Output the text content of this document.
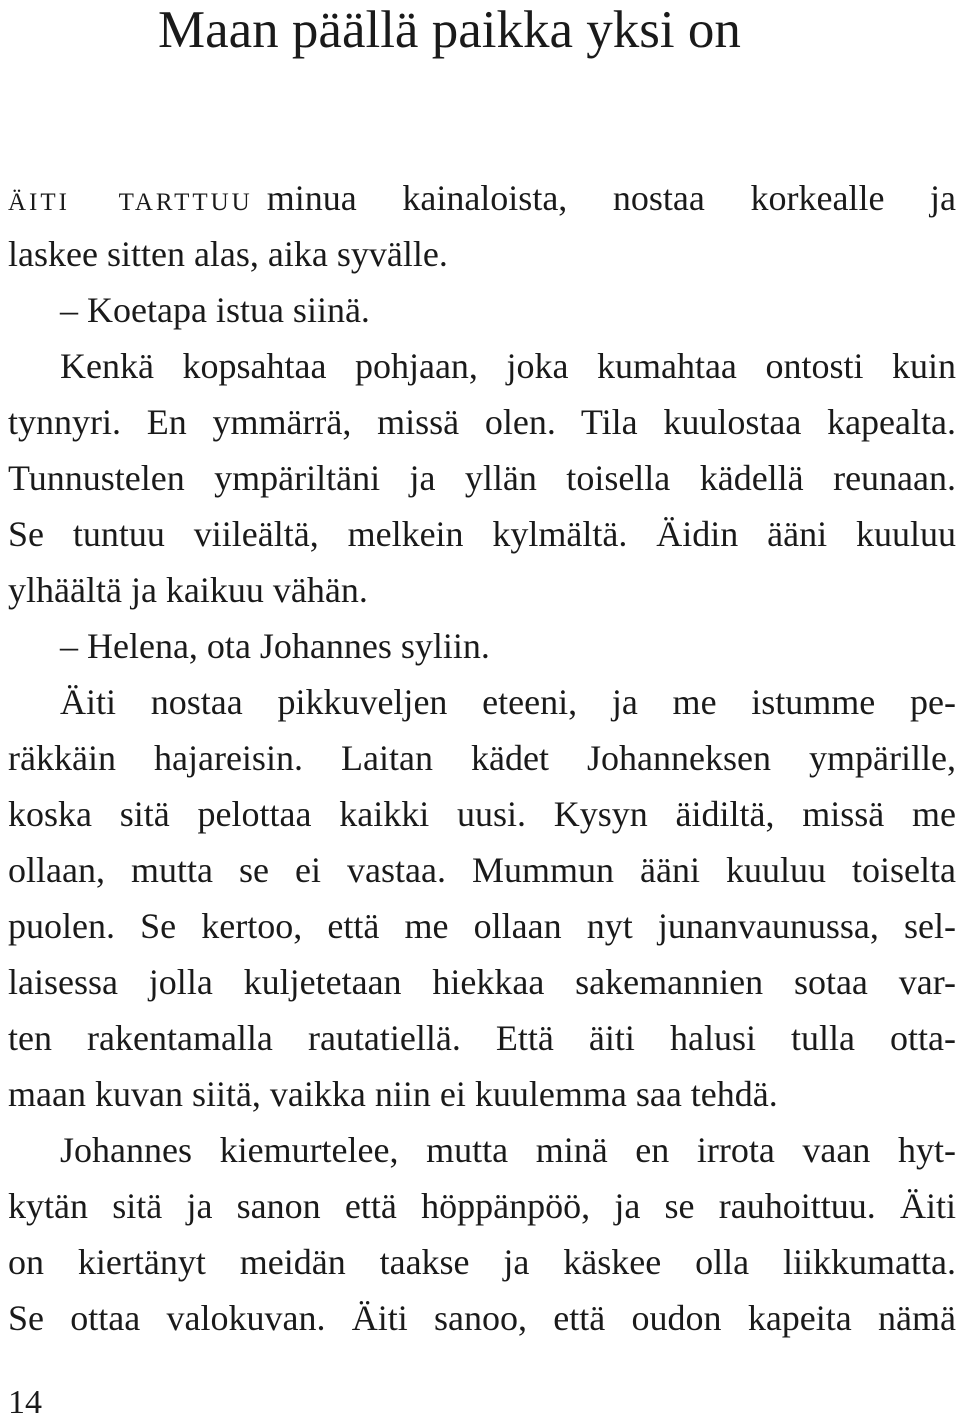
Maan päällä paikka yksi on

äiti tarttuu minua kainaloista, nostaa korkealle ja

laskee sitten alas, aika syvälle.

– Koetapa istua siinä.

Kenkä kopsahtaa pohjaan, joka kumahtaa ontosti kuin

tynnyri. En ymmärrä, missä olen. Tila kuulostaa kapealta.

Tunnustelen ympäriltäni ja yllän toisella kädellä reunaan.

Se tuntuu viileältä, melkein kylmältä. Äidin ääni kuuluu

ylhäältä ja kaikuu vähän.

– Helena, ota Johannes syliin.

Äiti nostaa pikkuveljen eteeni, ja me istumme pe-

räkkäin hajareisin. Laitan kädet Johanneksen ympärille,

koska sitä pelottaa kaikki uusi. Kysyn äidiltä, missä me

ollaan, mutta se ei vastaa. Mummun ääni kuuluu toiselta

puolen. Se kertoo, että me ollaan nyt junanvaunussa, sel-

laisessa jolla kuljetetaan hiekkaa sakemannien sotaa var-

ten rakentamalla rautatiellä. Että äiti halusi tulla otta-

maan kuvan siitä, vaikka niin ei kuulemma saa tehdä.

Johannes kiemurtelee, mutta minä en irrota vaan hyt-

kytän sitä ja sanon että höppänpöö, ja se rauhoittuu. Äiti

on kiertänyt meidän taakse ja käskee olla liikkumatta.

Se ottaa valokuvan. Äiti sanoo, että oudon kapeita nämä

14
